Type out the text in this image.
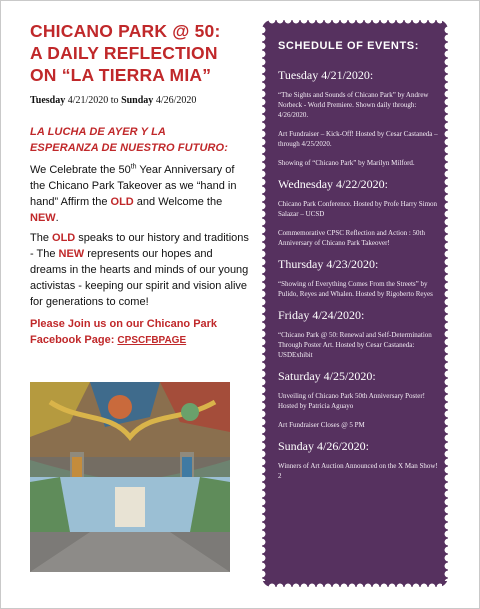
CHICANO PARK @ 50:
A DAILY REFLECTION
ON “LA TIERRA MIA”
Tuesday 4/21/2020 to Sunday 4/26/2020
LA LUCHA DE AYER Y LA
ESPERANZA DE NUESTRO FUTURO:
We Celebrate the 50th Year Anniversary of the Chicano Park Takeover as we “hand in hand” Affirm the OLD and Welcome the NEW.
The OLD speaks to our history and traditions - The NEW represents our hopes and dreams in the hearts and minds of our young activistas - keeping our spirit and vision alive for generations to come!
Please Join us on our Chicano Park Facebook Page: CPSCFBPAGE
SCHEDULE OF EVENTS:
Tuesday 4/21/2020:
“The Sights and Sounds of Chicano Park” by Andrew Norbeck - World Premiere. Shown daily through: 4/26/2020.
Art Fundraiser – Kick-Off! Hosted by Cesar Castaneda – through 4/25/2020.
Showing of “Chicano Park” by Marilyn Milford.
Wednesday 4/22/2020:
Chicano Park Conference. Hosted by Profe Harry Simon Salazar – UCSD
Commemorative CPSC Reflection and Action : 50th Anniversary of Chicano Park Takeover!
Thursday 4/23/2020:
“Showing of Everything Comes From the Streets” by Pulido, Reyes and Whalen. Hosted by Rigoberto Reyes
Friday 4/24/2020:
“Chicano Park @ 50: Renewal and Self-Determination Through Poster Art. Hosted by Cesar Castaneda: USDExhibit
Saturday 4/25/2020:
Unveiling of Chicano Park 50th Anniversary Poster! Hosted by Patricia Aguayo
Art Fundraiser Closes @ 5 PM
Sunday 4/26/2020:
Winners of Art Auction Announced on the X Man Show! 2
